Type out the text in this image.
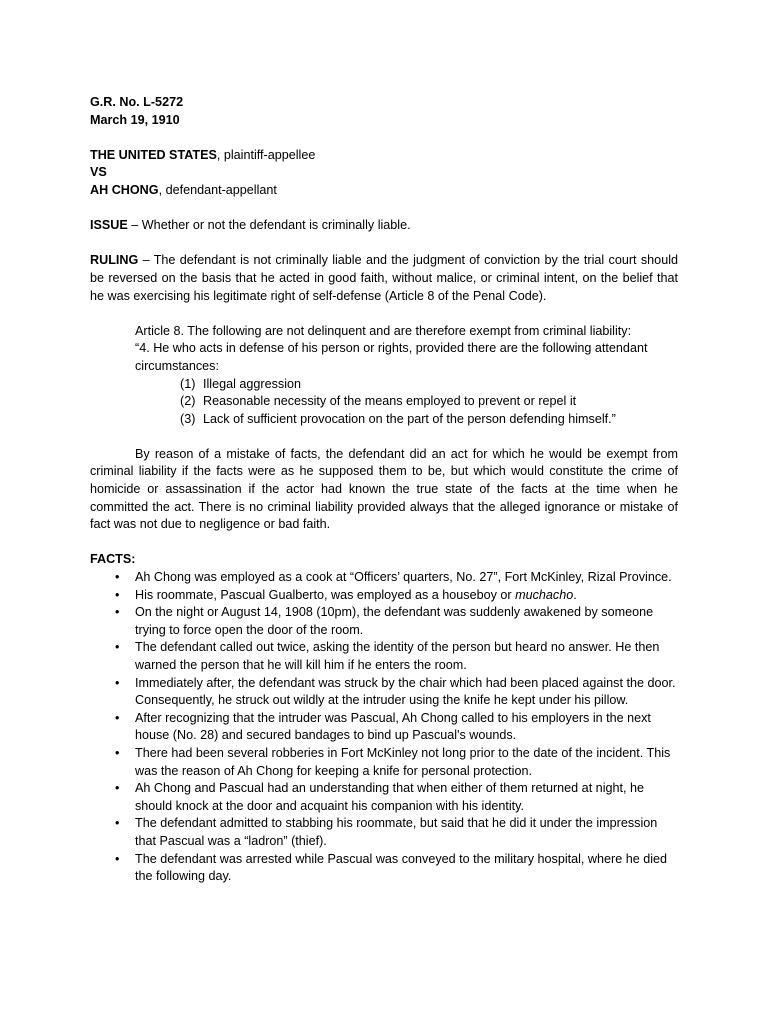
G.R. No. L-5272
March 19, 1910
THE UNITED STATES, plaintiff-appellee
VS
AH CHONG, defendant-appellant
ISSUE – Whether or not the defendant is criminally liable.
RULING – The defendant is not criminally liable and the judgment of conviction by the trial court should be reversed on the basis that he acted in good faith, without malice, or criminal intent, on the belief that he was exercising his legitimate right of self-defense (Article 8 of the Penal Code).
Article 8. The following are not delinquent and are therefore exempt from criminal liability:
“4. He who acts in defense of his person or rights, provided there are the following attendant circumstances:
(1) Illegal aggression
(2) Reasonable necessity of the means employed to prevent or repel it
(3) Lack of sufficient provocation on the part of the person defending himself.”
By reason of a mistake of facts, the defendant did an act for which he would be exempt from criminal liability if the facts were as he supposed them to be, but which would constitute the crime of homicide or assassination if the actor had known the true state of the facts at the time when he committed the act. There is no criminal liability provided always that the alleged ignorance or mistake of fact was not due to negligence or bad faith.
FACTS:
• Ah Chong was employed as a cook at “Officers’ quarters, No. 27”, Fort McKinley, Rizal Province.
• His roommate, Pascual Gualberto, was employed as a houseboy or muchacho.
• On the night or August 14, 1908 (10pm), the defendant was suddenly awakened by someone trying to force open the door of the room.
• The defendant called out twice, asking the identity of the person but heard no answer. He then warned the person that he will kill him if he enters the room.
• Immediately after, the defendant was struck by the chair which had been placed against the door. Consequently, he struck out wildly at the intruder using the knife he kept under his pillow.
• After recognizing that the intruder was Pascual, Ah Chong called to his employers in the next house (No. 28) and secured bandages to bind up Pascual's wounds.
• There had been several robberies in Fort McKinley not long prior to the date of the incident. This was the reason of Ah Chong for keeping a knife for personal protection.
• Ah Chong and Pascual had an understanding that when either of them returned at night, he should knock at the door and acquaint his companion with his identity.
• The defendant admitted to stabbing his roommate, but said that he did it under the impression that Pascual was a “ladron” (thief).
• The defendant was arrested while Pascual was conveyed to the military hospital, where he died the following day.
